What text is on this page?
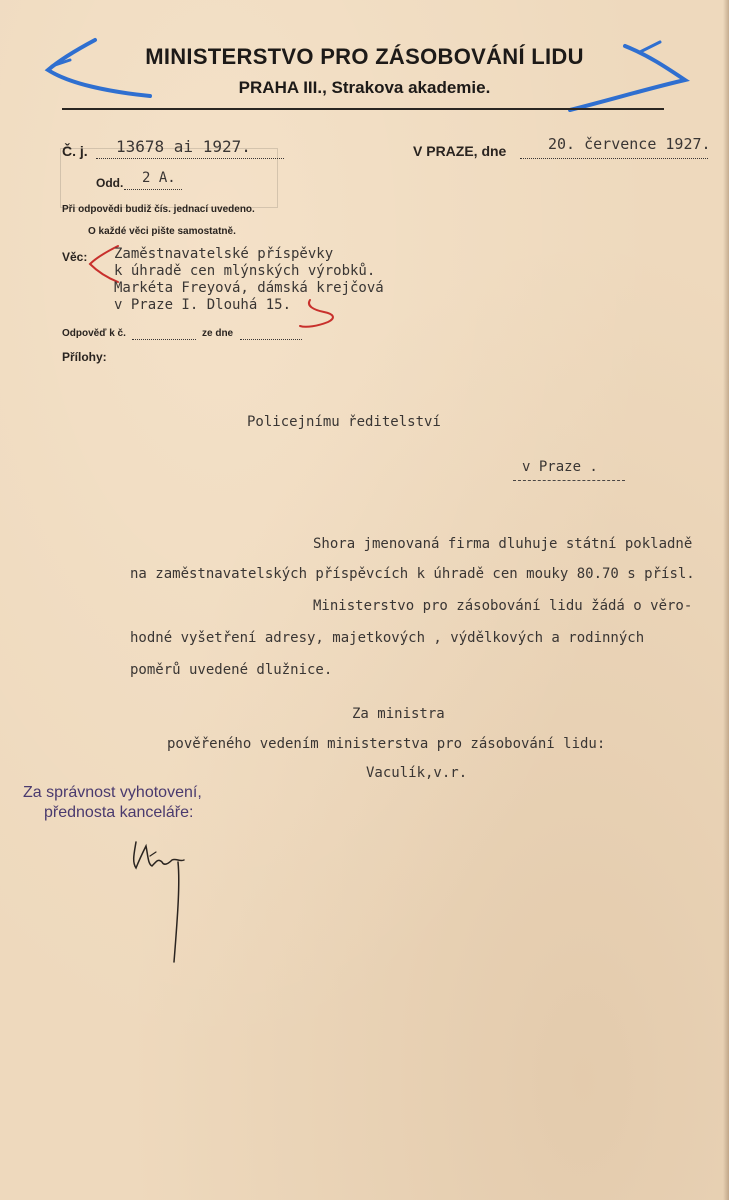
MINISTERSTVO PRO ZÁSOBOVÁNÍ LIDU
PRAHA III., Strakova akademie.
Č. j. 13678 ai 1927.	V PRAZE, dne	20. července 1927.
Odd. 2 A.
Při odpovědi budiž čís. jednací uvedeno.
O každé věci pište samostatně.
Věc: Zaměstnavatelské příspěvky
k úhradě cen mlýnských výrobků.
Markéta Freyová, dámská krejčová
v Praze I. Dlouhá 15.
Odpověď k č.	ze dne
Přílohy:
Policejnímu ředitelství
v Praze .
Shora jmenovaná firma dluhuje státní pokladně
na zaměstnavatelských příspěvcích k úhradě cen mouky 80.70 s přísl.
Ministerstvo pro zásobování lidu žádá o věro-
hodné vyšetření adresy, majetkových , výdělkových a rodinných
poměrů uvedené dlužnice.
Za ministra
pověřeného vedením ministerstva pro zásobování lidu:
Vaculík,v.r.
Za správnost vyhotovení,
přednosta kanceláře:
